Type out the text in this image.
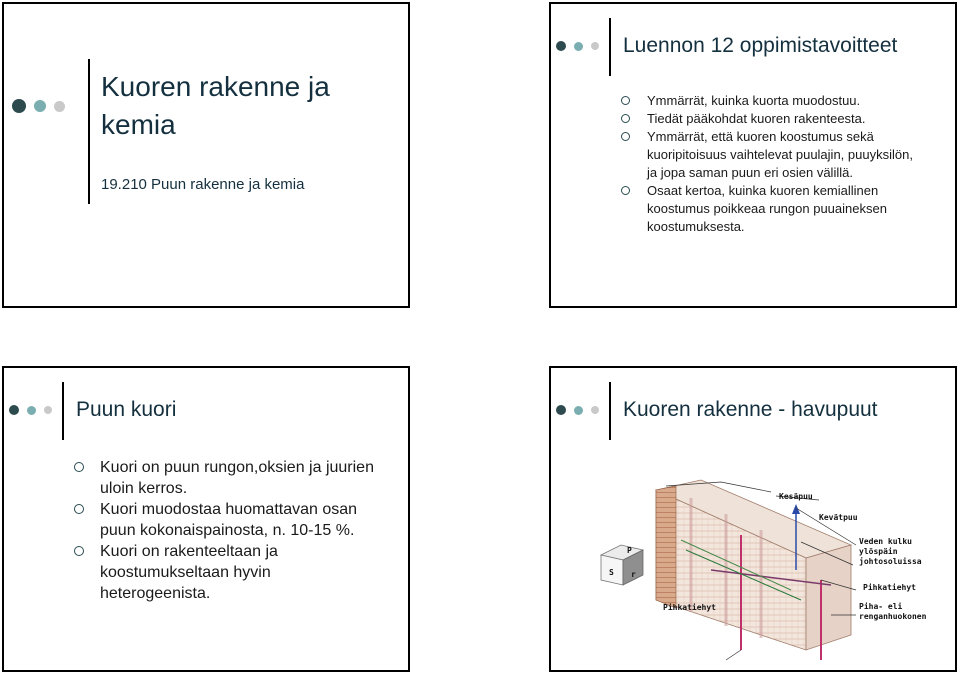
Kuoren rakenne ja kemia
19.210 Puun rakenne ja kemia
Luennon 12 oppimistavoitteet
Ymmärrät, kuinka kuorta muodostuu.
Tiedät pääkohdat kuoren rakenteesta.
Ymmärrät, että kuoren koostumus sekä kuoripitoisuus vaihtelevat puulajin, puuyksilön, ja jopa saman puun eri osien välillä.
Osaat kertoa, kuinka kuoren kemiallinen koostumus poikkeaa rungon puuaineksen koostumuksesta.
Puun kuori
Kuori on puun rungon,oksien ja juurien uloin kerros.
Kuori muodostaa huomattavan osan puun kokonaispainosta, n. 10-15 %.
Kuori on rakenteeltaan ja koostumukseltaan hyvin heterogeenista.
Kuoren rakenne - havupuut
P
S r
Kesäpuu
Kevätpuu
Veden kulku
ylöspäin
johtosoluissa
Pihkatiehyt
Piha- eli
renganhuokonen
Pihkatiehyt
